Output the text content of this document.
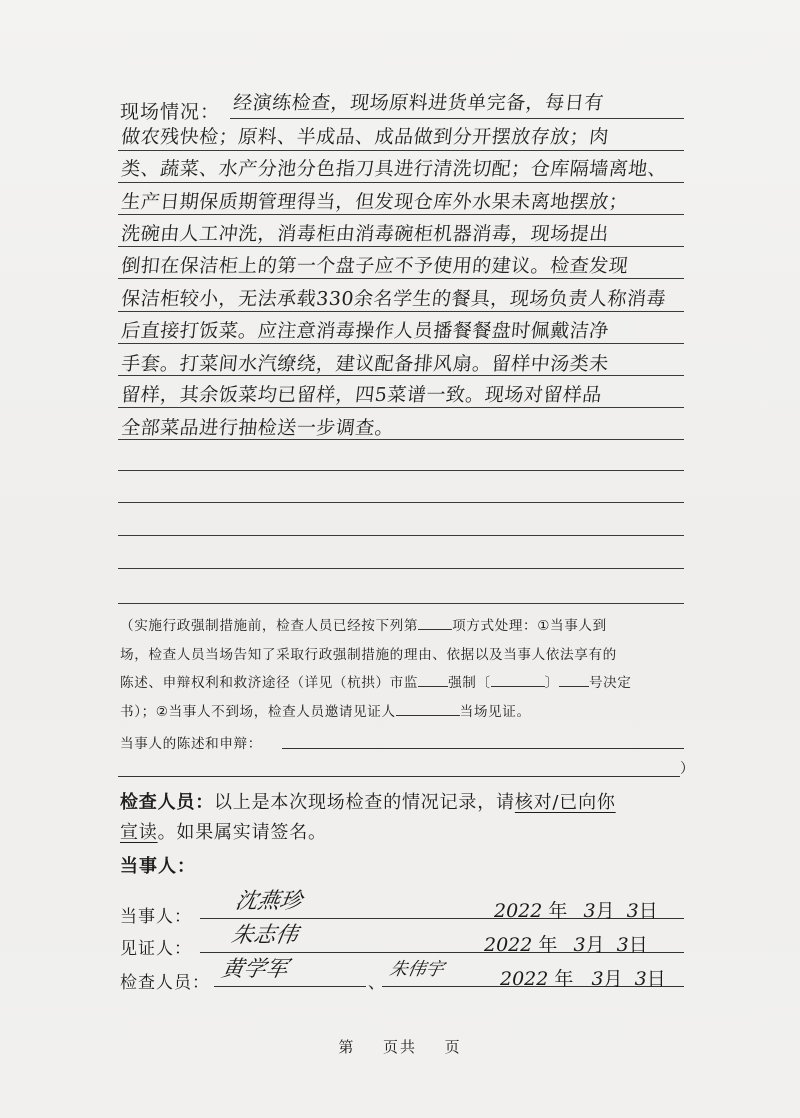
现场情况： 经演练检查，现场原料进货单完备，每日有
做农残快检；原料、半成品、成品做到分开摆放存放；肉
类、蔬菜、水产分池分色指刀具进行清洗切配；仓库隔墙离地、
生产日期保质期管理得当，但发现仓库外水果未离地摆放；
洗碗由人工冲洗，消毒柜由消毒碗柜机器消毒，现场提出
倒扣在保洁柜上的第一个盘子应不予使用的建议。检查发现
保洁柜较小，无法承载330余名学生的餐具，现场负责人称消毒
后直接打饭菜。应注意消毒操作人员播餐餐盘时佩戴洁净
手套。打菜间水汽缭绕，建议配备排风扇。留样中汤类未
留样，其余饭菜均已留样，四5菜谱一致。现场对留样品
全部菜品进行抽检送一步调查。

（实施行政强制措施前，检查人员已经按下列第	项方式处理：①当事人到

场，检查人员当场告知了采取行政强制措施的理由、依据以及当事人依法享有的

陈述、申辩权利和救济途径（详见（杭拱）市监 强制〔	〕 号决定

书）；②当事人不到场，检查人员邀请见证人	当场见证。

当事人的陈述和申辩：
）
检查人员：以上是本次现场检查的情况记录，请核对/已向你
宣读。如果属实请签名。
当事人：
当事人：
沈燕珍	2022 年 3月 3日
见证人：
朱志伟	2022 年 3月 3日
检查人员：
黄学军
、
朱伟宇	2022 年 3月 3日
第 页共 页
